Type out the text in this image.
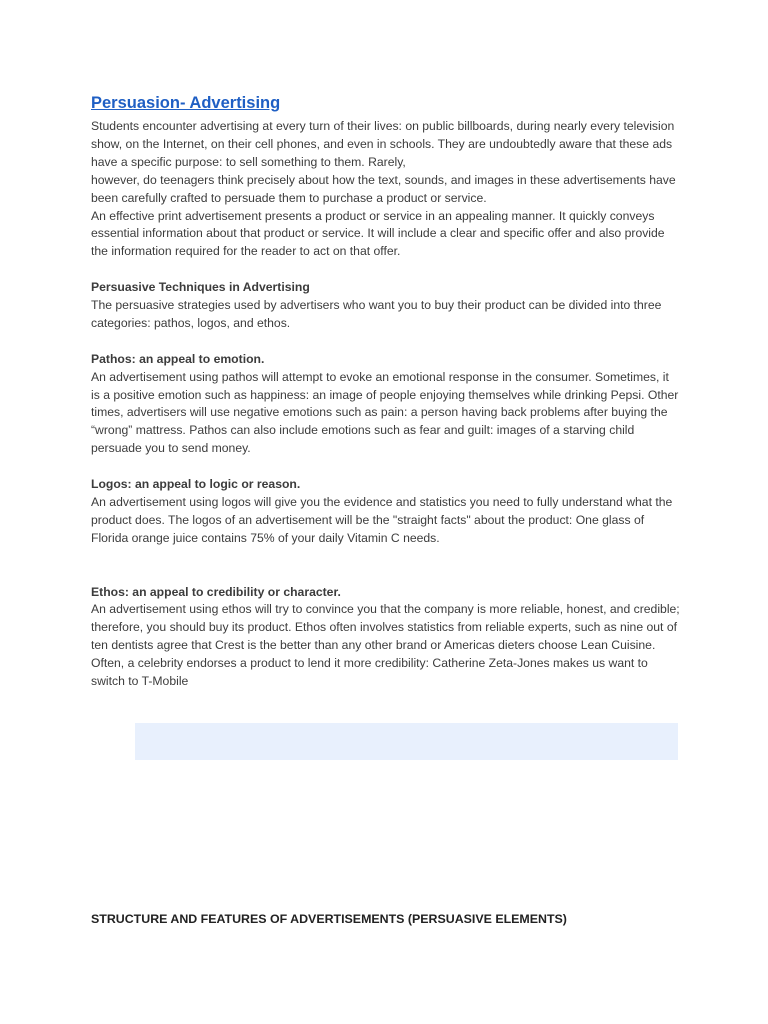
Persuasion- Advertising

Students encounter advertising at every turn of their lives: on public billboards, during nearly every television show, on the Internet, on their cell phones, and even in schools. They are undoubtedly aware that these ads have a specific purpose: to sell something to them. Rarely,

however, do teenagers think precisely about how the text, sounds, and images in these advertisements have been carefully crafted to persuade them to purchase a product or service.

An effective print advertisement presents a product or service in an appealing manner. It quickly conveys essential information about that product or service. It will include a clear and specific offer and also provide the information required for the reader to act on that offer.

Persuasive Techniques in Advertising

The persuasive strategies used by advertisers who want you to buy their product can be divided into three categories: pathos, logos, and ethos.

Pathos: an appeal to emotion.

An advertisement using pathos will attempt to evoke an emotional response in the consumer. Sometimes, it is a positive emotion such as happiness: an image of people enjoying themselves while drinking Pepsi. Other times, advertisers will use negative emotions such as pain: a person having back problems after buying the “wrong” mattress. Pathos can also include emotions such as fear and guilt: images of a starving child persuade you to send money.

Logos: an appeal to logic or reason.

An advertisement using logos will give you the evidence and statistics you need to fully understand what the product does. The logos of an advertisement will be the "straight facts" about the product: One glass of Florida orange juice contains 75% of your daily Vitamin C needs.

Ethos: an appeal to credibility or character.

An advertisement using ethos will try to convince you that the company is more reliable, honest, and credible; therefore, you should buy its product. Ethos often involves statistics from reliable experts, such as nine out of ten dentists agree that Crest is the better than any other brand or Americas dieters choose Lean Cuisine. Often, a celebrity endorses a product to lend it more credibility: Catherine Zeta-Jones makes us want to switch to T-Mobile

STRUCTURE AND FEATURES OF ADVERTISEMENTS (PERSUASIVE ELEMENTS)
